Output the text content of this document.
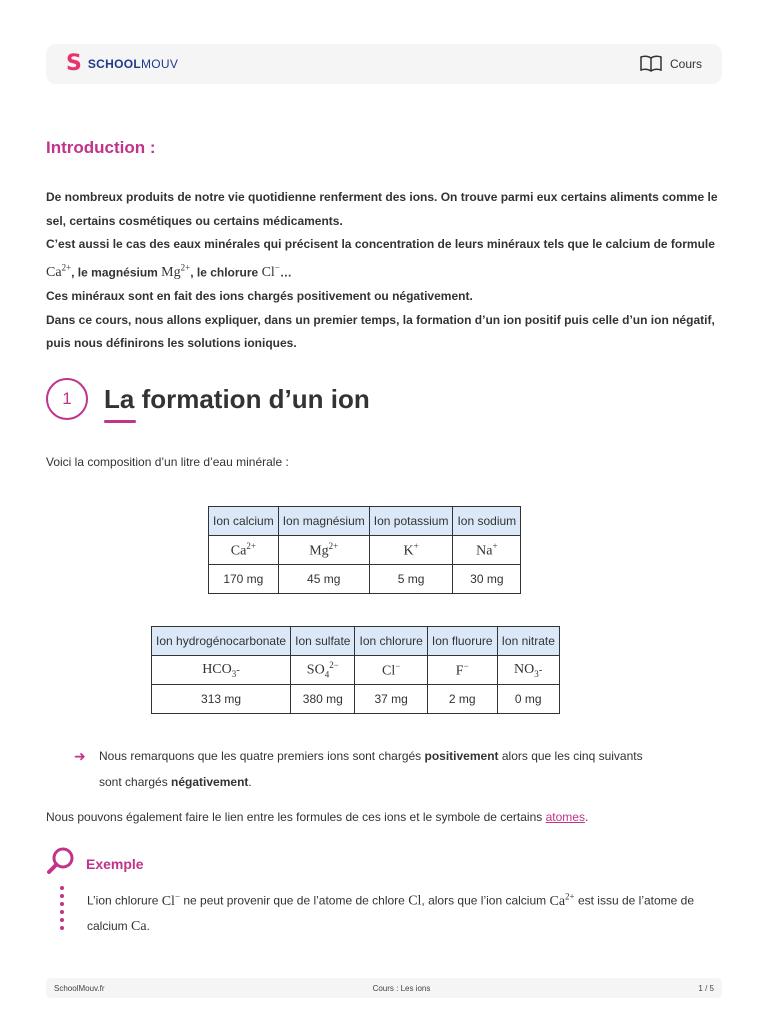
S SCHOOLMOUV	Cours
Introduction :

De nombreux produits de notre vie quotidienne renferment des ions. On trouve parmi eux certains aliments comme le sel, certains cosmétiques ou certains médicaments.

C’est aussi le cas des eaux minérales qui précisent la concentration de leurs minéraux tels que le calcium de formule $Ca^{2+}$, le magnésium $Mg^{2+}$, le chlorure Cl−…

Ces minéraux sont en fait des ions chargés positivement ou négativement.

Dans ce cours, nous allons expliquer, dans un premier temps, la formation d’un ion positif puis celle d’un ion négatif, puis nous définirons les solutions ioniques.

1	La formation d’un ion
Voici la composition d’un litre d’eau minérale :
Ion calcium	Ion magnésium	Ion potassium	Ion sodium
$Ca^{2+}$	$Mg^{2+}$	K+	Na+
170 mg	45 mg	5 mg	30 mg
Ion hydrogénocarbonate	Ion sulfate	Ion chlorure	Ion fluorure	Ion nitrate
$HCO_3-$	$SO_4^{2-}$	Cl−	F−	$NO_3-$
313 mg	380 mg	37 mg	2 mg	0 mg
➜ Nous remarquons que les quatre premiers ions sont chargés positivement alors que les cinq suivants sont chargés négativement.
Nous pouvons également faire le lien entre les formules de ces ions et le symbole de certains atomes.
Exemple
L’ion chlorure Cl− ne peut provenir que de l’atome de chlore Cl, alors que l’ion calcium $Ca^{2+}$ est issu de l’atome de calcium Ca.
SchoolMouv.fr	Cours : Les ions	1 / 5
